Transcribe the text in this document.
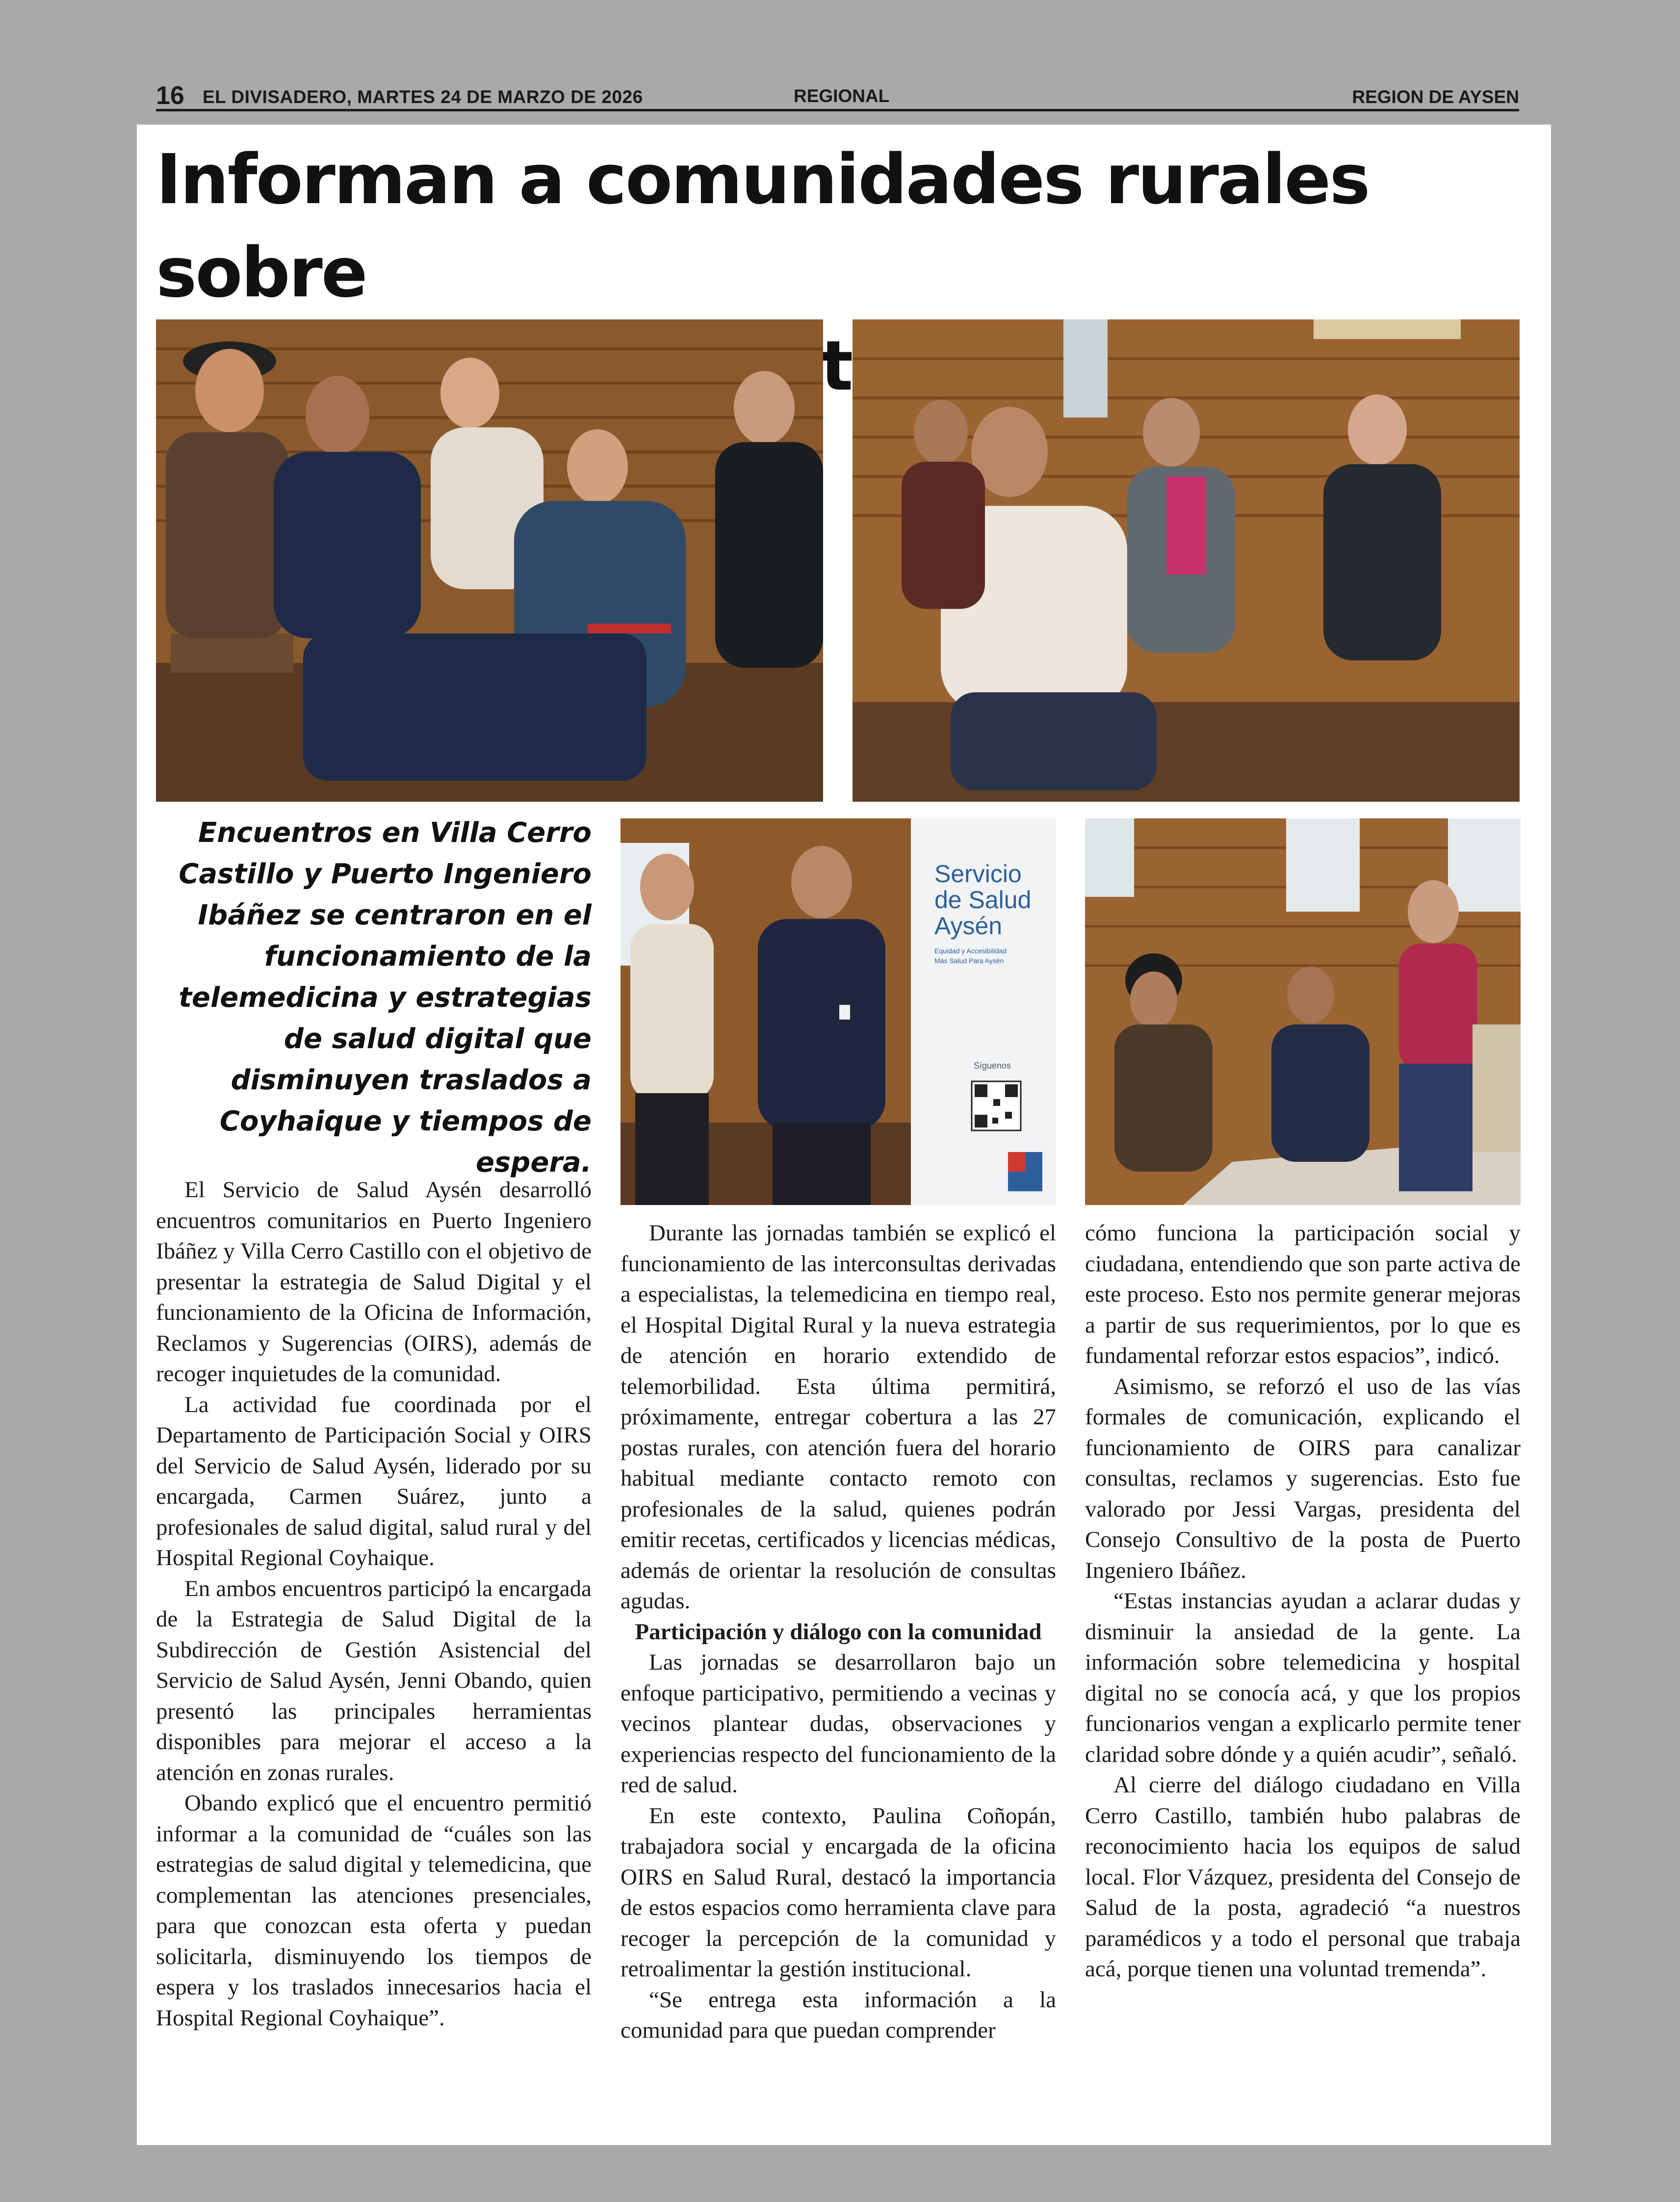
16 EL DIVISADERO, MARTES 24 DE MARZO DE 2026	REGIONAL	REGION DE AYSEN
Informan a comunidades rurales sobre
digitales

Encuentros en Villa Cerro Castillo y Puerto Ingeniero Ibáñez se centraron en el funcionamiento de la telemedicina y estrategias de salud digital que disminuyen traslados a Coyhaique y tiempos de espera.

Servicio
de Salud
Aysén
Equidad y Accesibilidad
Más Salud Para Aysén
Síguenos

El Servicio de Salud Aysén desarrolló encuentros comunitarios en Puerto Ingeniero Ibáñez y Villa Cerro Castillo con el objetivo de presentar la estrategia de Salud Digital y el funcionamiento de la Oficina de Información, Reclamos y Sugerencias (OIRS), además de recoger inquietudes de la comunidad.

La actividad fue coordinada por el Departamento de Participación Social y OIRS del Servicio de Salud Aysén, liderado por su encargada, Carmen Suárez, junto a profesionales de salud digital, salud rural y del Hospital Regional Coyhaique.

En ambos encuentros participó la encargada de la Estrategia de Salud Digital de la Subdirección de Gestión Asistencial del Servicio de Salud Aysén, Jenni Obando, quien presentó las principales herramientas disponibles para mejorar el acceso a la atención en zonas rurales.

Obando explicó que el encuentro permitió informar a la comunidad de “cuáles son las estrategias de salud digital y telemedicina, que complementan las atenciones presenciales, para que conozcan esta oferta y puedan solicitarla, disminuyendo los tiempos de espera y los traslados innecesarios hacia el Hospital Regional Coyhaique”.

Durante las jornadas también se explicó el funcionamiento de las interconsultas derivadas a especialistas, la telemedicina en tiempo real, el Hospital Digital Rural y la nueva estrategia de atención en horario extendido de telemorbilidad. Esta última permitirá, próximamente, entregar cobertura a las 27 postas rurales, con atención fuera del horario habitual mediante contacto remoto con profesionales de la salud, quienes podrán emitir recetas, certificados y licencias médicas, además de orientar la resolución de consultas agudas.

Participación y diálogo con la comunidad

Las jornadas se desarrollaron bajo un enfoque participativo, permitiendo a vecinas y vecinos plantear dudas, observaciones y experiencias respecto del funcionamiento de la red de salud.

En este contexto, Paulina Coñopán, trabajadora social y encargada de la oficina OIRS en Salud Rural, destacó la importancia de estos espacios como herramienta clave para recoger la percepción de la comunidad y retroalimentar la gestión institucional.

“Se entrega esta información a la comunidad para que puedan comprender

cómo funciona la participación social y ciudadana, entendiendo que son parte activa de este proceso. Esto nos permite generar mejoras a partir de sus requerimientos, por lo que es fundamental reforzar estos espacios”, indicó.

Asimismo, se reforzó el uso de las vías formales de comunicación, explicando el funcionamiento de OIRS para canalizar consultas, reclamos y sugerencias. Esto fue valorado por Jessi Vargas, presidenta del Consejo Consultivo de la posta de Puerto Ingeniero Ibáñez.

“Estas instancias ayudan a aclarar dudas y disminuir la ansiedad de la gente. La información sobre telemedicina y hospital digital no se conocía acá, y que los propios funcionarios vengan a explicarlo permite tener claridad sobre dónde y a quién acudir”, señaló.

Al cierre del diálogo ciudadano en Villa Cerro Castillo, también hubo palabras de reconocimiento hacia los equipos de salud local. Flor Vázquez, presidenta del Consejo de Salud de la posta, agradeció “a nuestros paramédicos y a todo el personal que trabaja acá, porque tienen una voluntad tremenda”.
